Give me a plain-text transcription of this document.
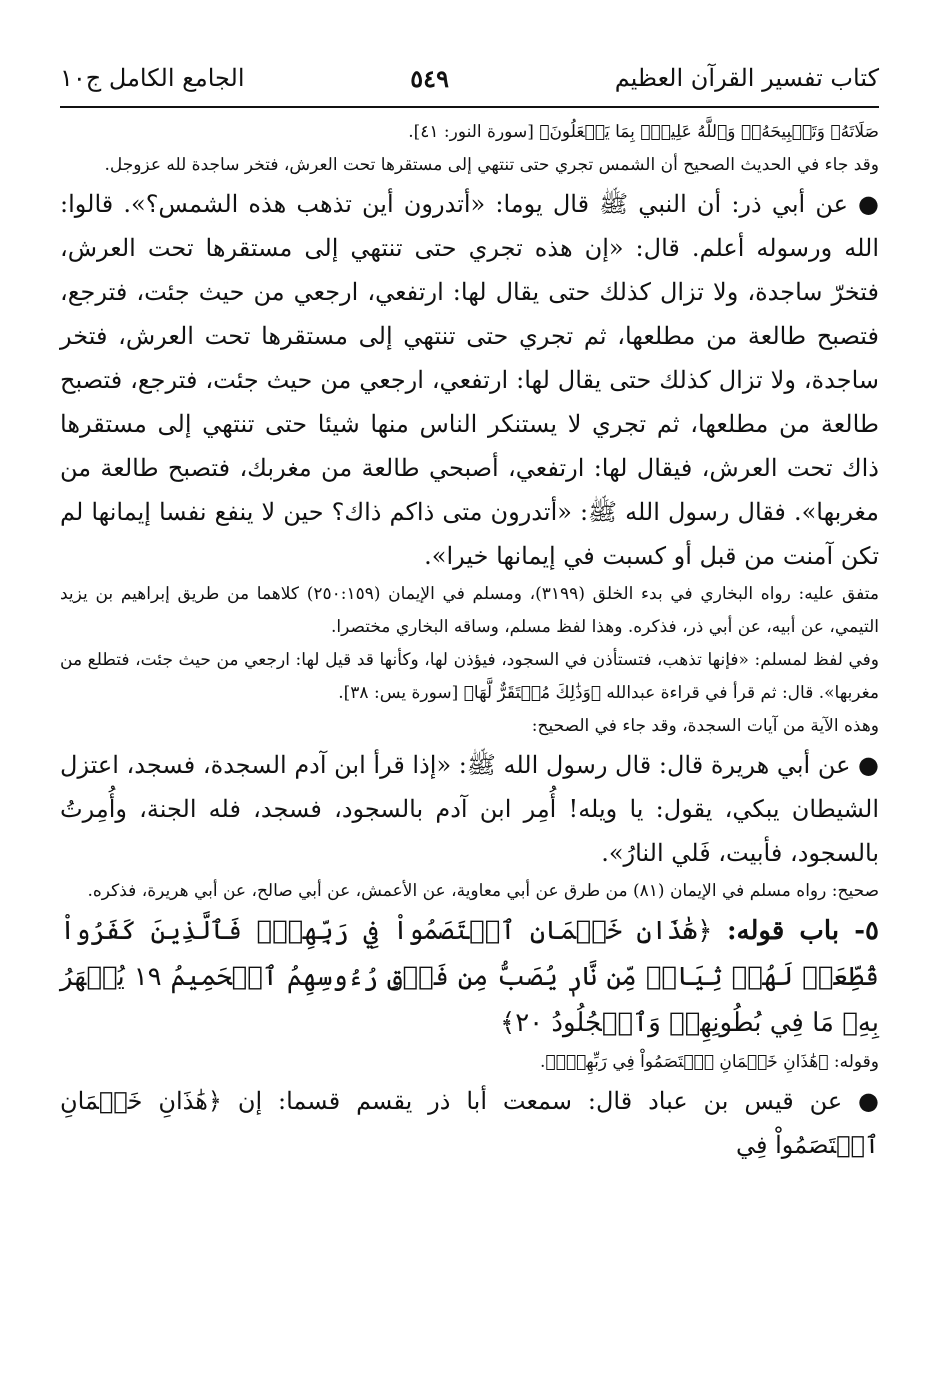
كتاب تفسير القرآن العظيم
٥٤٩
الجامع الكامل ج١٠

صَلَاتَهُۥ وَتَسۡبِيحَهُۥۗ وَٱللَّهُ عَلِيمُۢ بِمَا يَفۡعَلُونَ﴾ [سورة النور: ٤١].

وقد جاء في الحديث الصحيح أن الشمس تجري حتى تنتهي إلى مستقرها تحت العرش، فتخر ساجدة لله عزوجل.

● عن أبي ذر: أن النبي ﷺ قال يوما: «أتدرون أين تذهب هذه الشمس؟». قالوا: الله ورسوله أعلم. قال: «إن هذه تجري حتى تنتهي إلى مستقرها تحت العرش، فتخرّ ساجدة، ولا تزال كذلك حتى يقال لها: ارتفعي، ارجعي من حيث جئت، فترجع، فتصبح طالعة من مطلعها، ثم تجري حتى تنتهي إلى مستقرها تحت العرش، فتخر ساجدة، ولا تزال كذلك حتى يقال لها: ارتفعي، ارجعي من حيث جئت، فترجع، فتصبح طالعة من مطلعها، ثم تجري لا يستنكر الناس منها شيئا حتى تنتهي إلى مستقرها ذاك تحت العرش، فيقال لها: ارتفعي، أصبحي طالعة من مغربك، فتصبح طالعة من مغربها». فقال رسول الله ﷺ: «أتدرون متى ذاكم ذاك؟ حين لا ينفع نفسا إيمانها لم تكن آمنت من قبل أو كسبت في إيمانها خيرا».

متفق عليه: رواه البخاري في بدء الخلق (٣١٩٩)، ومسلم في الإيمان (٢٥٠:١٥٩) كلاهما من طريق إبراهيم بن يزيد التيمي، عن أبيه، عن أبي ذر، فذكره. وهذا لفظ مسلم، وساقه البخاري مختصرا.

وفي لفظ لمسلم: «فإنها تذهب، فتستأذن في السجود، فيؤذن لها، وكأنها قد قيل لها: ارجعي من حيث جئت، فتطلع من مغربها». قال: ثم قرأ في قراءة عبدالله ﴿وَذَٰلِكَ مُسۡتَقَرٌّ لَّهَا﴾ [سورة يس: ٣٨].

وهذه الآية من آيات السجدة، وقد جاء في الصحيح:

● عن أبي هريرة قال: قال رسول الله ﷺ: «إذا قرأ ابن آدم السجدة، فسجد، اعتزل الشيطان يبكي، يقول: يا ويله! أُمِر ابن آدم بالسجود، فسجد، فله الجنة، وأُمِرتُ بالسجود، فأبيت، فَلي النارُ».

صحيح: رواه مسلم في الإيمان (٨١) من طرق عن أبي معاوية، عن الأعمش، عن أبي صالح، عن أبي هريرة، فذكره.

٥- باب قوله: ﴿هَٰذَانِ خَصۡمَانِ ٱخۡتَصَمُواْ فِي رَبِّهِمۡۖ فَٱلَّذِينَ كَفَرُواْ قُطِّعَتۡ لَهُمۡ ثِيَابٞ مِّن نَّارٖ يُصَبُّ مِن فَوۡقِ رُءُوسِهِمُ ٱلۡحَمِيمُ ١٩ يُصۡهَرُ بِهِۦ مَا فِي بُطُونِهِمۡ وَٱلۡجُلُودُ ٢٠﴾

وقوله: ﴿هَٰذَانِ خَصۡمَانِ ٱخۡتَصَمُواْ فِي رَبِّهِمۡۖ﴾.

● عن قيس بن عباد قال: سمعت أبا ذر يقسم قسما: إن ﴿هَٰذَانِ خَصۡمَانِ ٱخۡتَصَمُواْ فِي
